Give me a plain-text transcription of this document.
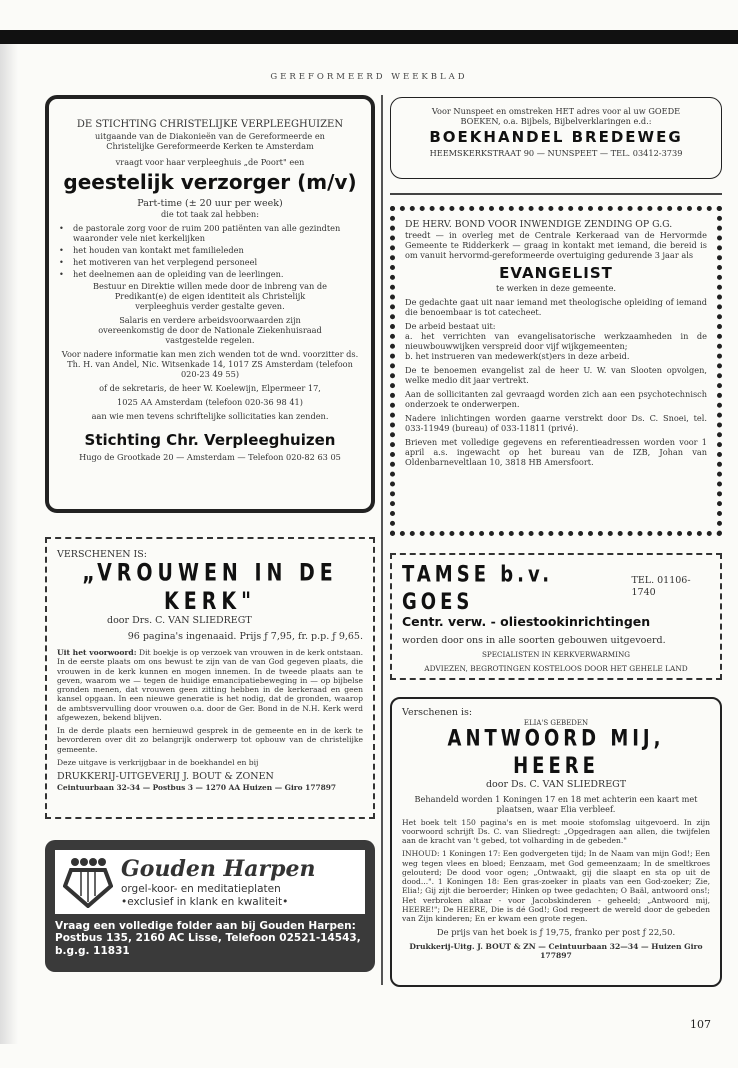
GEREFORMEERD WEEKBLAD
DE STICHTING CHRISTELIJKE VERPLEEGHUIZEN
uitgaande van de Diakonieën van de Gereformeerde en Christelijke Gereformeerde Kerken te Amsterdam
vraagt voor haar verpleeghuis „de Poort" een
geestelijk verzorger (m/v)
Part-time (± 20 uur per week)
die tot taak zal hebben:
• de pastorale zorg voor de ruim 200 patiënten van alle gezindten waaronder vele niet kerkelijken
• het houden van kontakt met familieleden
• het motiveren van het verplegend personeel
• het deelnemen aan de opleiding van de leerlingen.

Bestuur en Direktie willen mede door de inbreng van de Predikant(e) de eigen identiteit als Christelijk verpleeghuis verder gestalte geven.

Salaris en verdere arbeidsvoorwaarden zijn overeenkomstig de door de Nationale Ziekenhuisraad vastgestelde regelen.

Voor nadere informatie kan men zich wenden tot de wnd. voorzitter ds. Th. H. van Andel, Nic. Witsenkade 14, 1017 ZS Amsterdam (telefoon 020-23 49 55)

of de sekretaris, de heer W. Koelewijn, Elpermeer 17,

1025 AA Amsterdam (telefoon 020-36 98 41)

aan wie men tevens schriftelijke sollicitaties kan zenden.

Stichting Chr. Verpleeghuizen
Hugo de Grootkade 20 — Amsterdam — Telefoon 020-82 63 05
VERSCHENEN IS:
„VROUWEN IN DE KERK"
door Drs. C. VAN SLIEDREGT
96 pagina's ingenaaid. Prijs ƒ 7,95, fr. p.p. ƒ 9,65.

Uit het voorwoord: Dit boekje is op verzoek van vrouwen in de kerk ontstaan. In de eerste plaats om ons bewust te zijn van de van God gegeven plaats, die vrouwen in de kerk kunnen en mogen innemen. In de tweede plaats aan te geven, waarom we — tegen de huidige emancipatiebeweging in — op bijbelse gronden menen, dat vrouwen geen zitting hebben in de kerkeraad en geen kansel opgaan. In een nieuwe generatie is het nodig, dat de gronden, waarop de ambtsvervulling door vrouwen o.a. door de Ger. Bond in de N.H. Kerk werd afgewezen, bekend blijven.

In de derde plaats een hernieuwd gesprek in de gemeente en in de kerk te bevorderen over dit zo belangrijk onderwerp tot opbouw van de christelijke gemeente.

Deze uitgave is verkrijgbaar in de boekhandel en bij

DRUKKERIJ-UITGEVERIJ J. BOUT & ZONEN
Ceintuurbaan 32-34 — Postbus 3 — 1270 AA Huizen — Giro 177897
Gouden Harpen
orgel-koor- en meditatieplaten
•exclusief in klank en kwaliteit•
Vraag een volledige folder aan bij Gouden Harpen: Postbus 135, 2160 AC Lisse, Telefoon 02521-14543, b.g.g. 11831
Voor Nunspeet en omstreken HET adres voor al uw GOEDE BOEKEN, o.a. Bijbels, Bijbelverklaringen e.d.:
BOEKHANDEL BREDEWEG
HEEMSKERKSTRAAT 90 — NUNSPEET — TEL. 03412-3739
DE HERV. BOND VOOR INWENDIGE ZENDING OP G.G.

treedt — in overleg met de Centrale Kerkeraad van de Hervormde Gemeente te Ridderkerk — graag in kontakt met iemand, die bereid is om vanuit hervormd-gereformeerde overtuiging gedurende 3 jaar als

EVANGELIST

te werken in deze gemeente.

De gedachte gaat uit naar iemand met theologische opleiding of iemand die benoembaar is tot catecheet.

De arbeid bestaat uit:
a. het verrichten van evangelisatorische werkzaamheden in de nieuwbouwwijken verspreid door vijf wijkgemeenten;

b. het instrueren van medewerk(st)ers in deze arbeid.

De te benoemen evangelist zal de heer U. W. van Slooten opvolgen, welke medio dit jaar vertrekt.

Aan de sollicitanten zal gevraagd worden zich aan een psychotechnisch onderzoek te onderwerpen.

Nadere inlichtingen worden gaarne verstrekt door Ds. C. Snoei, tel. 033-11949 (bureau) of 033-11811 (privé).

Brieven met volledige gegevens en referentieadressen worden voor 1 april a.s. ingewacht op het bureau van de IZB, Johan van Oldenbarneveltlaan 10, 3818 HB Amersfoort.

TAMSE b.v. GOES
TEL. 01106-1740
Centr. verw. - oliestookinrichtingen
worden door ons in alle soorten gebouwen uitgevoerd.
SPECIALISTEN IN KERKVERWARMING
ADVIEZEN, BEGROTINGEN KOSTELOOS DOOR HET GEHELE LAND
Verschenen is:
ELIA'S GEBEDEN
ANTWOORD MIJ, HEERE
door Ds. C. VAN SLIEDREGT

Behandeld worden 1 Koningen 17 en 18 met achterin een kaart met plaatsen, waar Elia verbleef.

Het boek telt 150 pagina's en is met mooie stofomslag uitgevoerd. In zijn voorwoord schrijft Ds. C. van Sliedregt: „Opgedragen aan allen, die twijfelen aan de kracht van 't gebed, tot volharding in de gebeden."

INHOUD: 1 Koningen 17: Een godvergeten tijd; In de Naam van mijn God!; Een weg tegen vlees en bloed; Eenzaam, met God gemeenzaam; In de smeltkroes gelouterd; De dood voor ogen; „Ontwaakt, gij die slaapt en sta op uit de dood...". 1 Koningen 18: Een gras-zoeker in plaats van een God-zoeker; Zie, Elia!; Gij zijt die beroerder; Hinken op twee gedachten; O Baäl, antwoord ons!; Het verbroken altaar - voor Jacobskinderen - geheeld; „Antwoord mij, HEERE!"; De HEERE, Die is dé God!; God regeert de wereld door de gebeden van Zijn kinderen; En er kwam een grote regen.

De prijs van het boek is ƒ 19,75, franko per post ƒ 22,50.

Drukkerij-Uitg. J. BOUT & ZN — Ceintuurbaan 32—34 — Huizen Giro 177897
107
